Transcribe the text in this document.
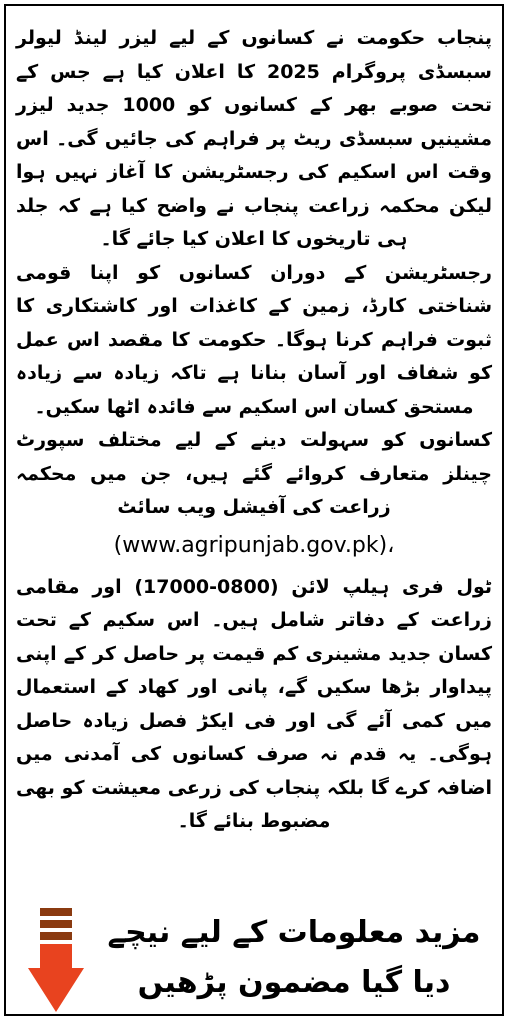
پنجاب حکومت نے کسانوں کے لیے لیزر لینڈ لیولر سبسڈی پروگرام 2025 کا اعلان کیا ہے جس کے تحت صوبے بھر کے کسانوں کو 1000 جدید لیزر مشینیں سبسڈی ریٹ پر فراہم کی جائیں گی۔ اس وقت اس اسکیم کی رجسٹریشن کا آغاز نہیں ہوا لیکن محکمہ زراعت پنجاب نے واضح کیا ہے کہ جلد ہی تاریخوں کا اعلان کیا جائے گا۔

رجسٹریشن کے دوران کسانوں کو اپنا قومی شناختی کارڈ، زمین کے کاغذات اور کاشتکاری کا ثبوت فراہم کرنا ہوگا۔ حکومت کا مقصد اس عمل کو شفاف اور آسان بنانا ہے تاکہ زیادہ سے زیادہ مستحق کسان اس اسکیم سے فائدہ اٹھا سکیں۔

کسانوں کو سہولت دینے کے لیے مختلف سپورٹ چینلز متعارف کروائے گئے ہیں، جن میں محکمہ زراعت کی آفیشل ویب سائٹ

(www.agripunjab.gov.pk)،

ٹول فری ہیلپ لائن (0800-17000) اور مقامی زراعت کے دفاتر شامل ہیں۔ اس سکیم کے تحت کسان جدید مشینری کم قیمت پر حاصل کر کے اپنی پیداوار بڑھا سکیں گے، پانی اور کھاد کے استعمال میں کمی آئے گی اور فی ایکڑ فصل زیادہ حاصل ہوگی۔ یہ قدم نہ صرف کسانوں کی آمدنی میں اضافہ کرے گا بلکہ پنجاب کی زرعی معیشت کو بھی مضبوط بنائے گا۔

مزید معلومات کے لیے نیچے
دیا گیا مضمون پڑھیں
